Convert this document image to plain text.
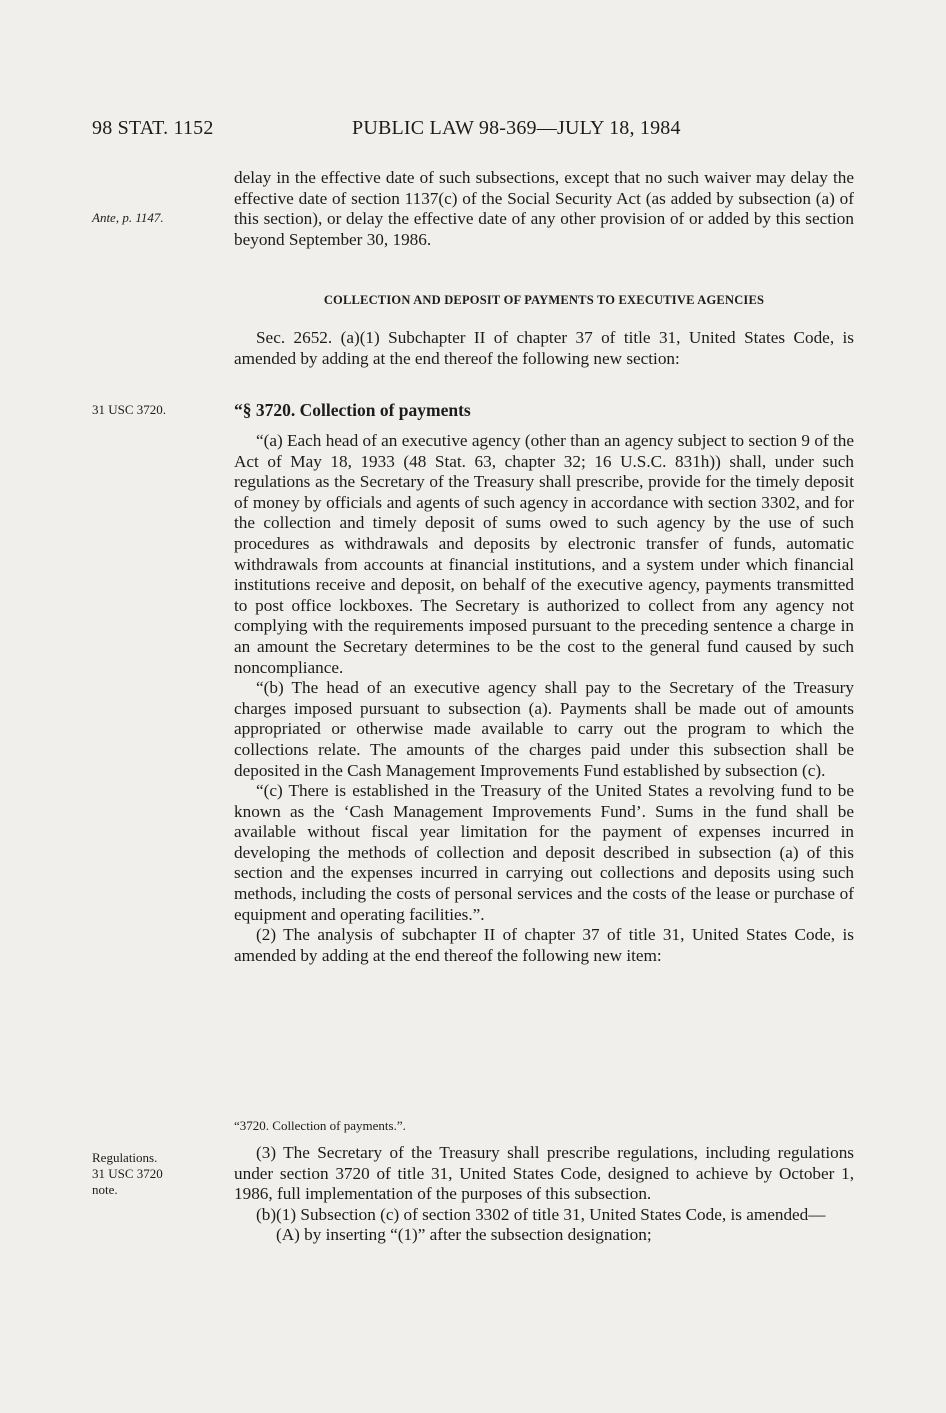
98 STAT. 1152	PUBLIC LAW 98-369—JULY 18, 1984
Ante, p. 1147.
31 USC 3720.
Regulations.
31 USC 3720
note.

delay in the effective date of such subsections, except that no such waiver may delay the effective date of section 1137(c) of the Social Security Act (as added by subsection (a) of this section), or delay the effective date of any other provision of or added by this section beyond September 30, 1986.

COLLECTION AND DEPOSIT OF PAYMENTS TO EXECUTIVE AGENCIES

Sec. 2652. (a)(1) Subchapter II of chapter 37 of title 31, United States Code, is amended by adding at the end thereof the following new section:

“§ 3720. Collection of payments

“(a) Each head of an executive agency (other than an agency subject to section 9 of the Act of May 18, 1933 (48 Stat. 63, chapter 32; 16 U.S.C. 831h)) shall, under such regulations as the Secretary of the Treasury shall prescribe, provide for the timely deposit of money by officials and agents of such agency in accordance with section 3302, and for the collection and timely deposit of sums owed to such agency by the use of such procedures as withdrawals and deposits by electronic transfer of funds, automatic withdrawals from accounts at financial institutions, and a system under which financial institutions receive and deposit, on behalf of the executive agency, payments transmitted to post office lockboxes. The Secretary is authorized to collect from any agency not complying with the requirements imposed pursuant to the preceding sentence a charge in an amount the Secretary determines to be the cost to the general fund caused by such noncompliance.

“(b) The head of an executive agency shall pay to the Secretary of the Treasury charges imposed pursuant to subsection (a). Payments shall be made out of amounts appropriated or otherwise made available to carry out the program to which the collections relate. The amounts of the charges paid under this subsection shall be deposited in the Cash Management Improvements Fund established by subsection (c).

“(c) There is established in the Treasury of the United States a revolving fund to be known as the ‘Cash Management Improvements Fund’. Sums in the fund shall be available without fiscal year limitation for the payment of expenses incurred in developing the methods of collection and deposit described in subsection (a) of this section and the expenses incurred in carrying out collections and deposits using such methods, including the costs of personal services and the costs of the lease or purchase of equipment and operating facilities.”.

(2) The analysis of subchapter II of chapter 37 of title 31, United States Code, is amended by adding at the end thereof the following new item:

“3720. Collection of payments.”.

(3) The Secretary of the Treasury shall prescribe regulations, including regulations under section 3720 of title 31, United States Code, designed to achieve by October 1, 1986, full implementation of the purposes of this subsection.

(b)(1) Subsection (c) of section 3302 of title 31, United States Code, is amended—

(A) by inserting “(1)” after the subsection designation;
